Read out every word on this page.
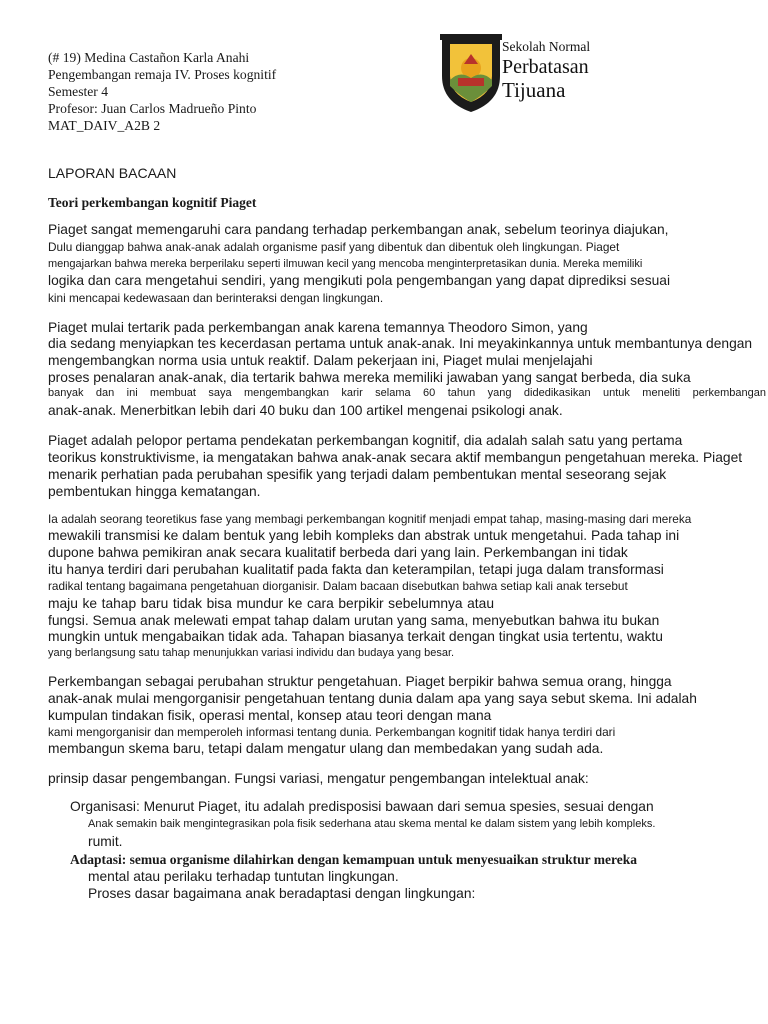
(# 19) Medina Castañon Karla Anahi
Pengembangan remaja IV. Proses kognitif
Semester 4
Profesor: Juan Carlos Madrueño Pinto
MAT_DAIV_A2B 2
Sekolah Normal
Perbatasan
Tijuana
LAPORAN BACAAN
Teori perkembangan kognitif Piaget
Piaget sangat memengaruhi cara pandang terhadap perkembangan anak, sebelum teorinya diajukan,
Dulu dianggap bahwa anak-anak adalah organisme pasif yang dibentuk dan dibentuk oleh lingkungan. Piaget
mengajarkan bahwa mereka berperilaku seperti ilmuwan kecil yang mencoba menginterpretasikan dunia. Mereka memiliki
logika dan cara mengetahui sendiri, yang mengikuti pola pengembangan yang dapat diprediksi sesuai
kini mencapai kedewasaan dan berinteraksi dengan lingkungan.
Piaget mulai tertarik pada perkembangan anak karena temannya Theodoro Simon, yang
dia sedang menyiapkan tes kecerdasan pertama untuk anak-anak. Ini meyakinkannya untuk membantunya dengan
mengembangkan norma usia untuk reaktif. Dalam pekerjaan ini, Piaget mulai menjelajahi
proses penalaran anak-anak, dia tertarik bahwa mereka memiliki jawaban yang sangat berbeda, dia suka
banyak dan ini membuat saya mengembangkan karir selama 60 tahun yang didedikasikan untuk meneliti perkembangan
anak-anak. Menerbitkan lebih dari 40 buku dan 100 artikel mengenai psikologi anak.
Piaget adalah pelopor pertama pendekatan perkembangan kognitif, dia adalah salah satu yang pertama
teorikus konstruktivisme, ia mengatakan bahwa anak-anak secara aktif membangun pengetahuan mereka. Piaget
menarik perhatian pada perubahan spesifik yang terjadi dalam pembentukan mental seseorang sejak
pembentukan hingga kematangan.
Ia adalah seorang teoretikus fase yang membagi perkembangan kognitif menjadi empat tahap, masing-masing dari mereka
mewakili transmisi ke dalam bentuk yang lebih kompleks dan abstrak untuk mengetahui. Pada tahap ini
dupone bahwa pemikiran anak secara kualitatif berbeda dari yang lain. Perkembangan ini tidak
itu hanya terdiri dari perubahan kualitatif pada fakta dan keterampilan, tetapi juga dalam transformasi
radikal tentang bagaimana pengetahuan diorganisir. Dalam bacaan disebutkan bahwa setiap kali anak tersebut
maju ke tahap baru tidak bisa mundur ke cara berpikir sebelumnya atau
fungsi. Semua anak melewati empat tahap dalam urutan yang sama, menyebutkan bahwa itu bukan
mungkin untuk mengabaikan tidak ada. Tahapan biasanya terkait dengan tingkat usia tertentu, waktu
yang berlangsung satu tahap menunjukkan variasi individu dan budaya yang besar.
Perkembangan sebagai perubahan struktur pengetahuan. Piaget berpikir bahwa semua orang, hingga
anak-anak mulai mengorganisir pengetahuan tentang dunia dalam apa yang saya sebut skema. Ini adalah
kumpulan tindakan fisik, operasi mental, konsep atau teori dengan mana
kami mengorganisir dan memperoleh informasi tentang dunia. Perkembangan kognitif tidak hanya terdiri dari
membangun skema baru, tetapi dalam mengatur ulang dan membedakan yang sudah ada.
prinsip dasar pengembangan. Fungsi variasi, mengatur pengembangan intelektual anak:
Organisasi: Menurut Piaget, itu adalah predisposisi bawaan dari semua spesies, sesuai dengan
Anak semakin baik mengintegrasikan pola fisik sederhana atau skema mental ke dalam sistem yang lebih kompleks.
rumit.
Adaptasi: semua organisme dilahirkan dengan kemampuan untuk menyesuaikan struktur mereka
mental atau perilaku terhadap tuntutan lingkungan.
Proses dasar bagaimana anak beradaptasi dengan lingkungan:
